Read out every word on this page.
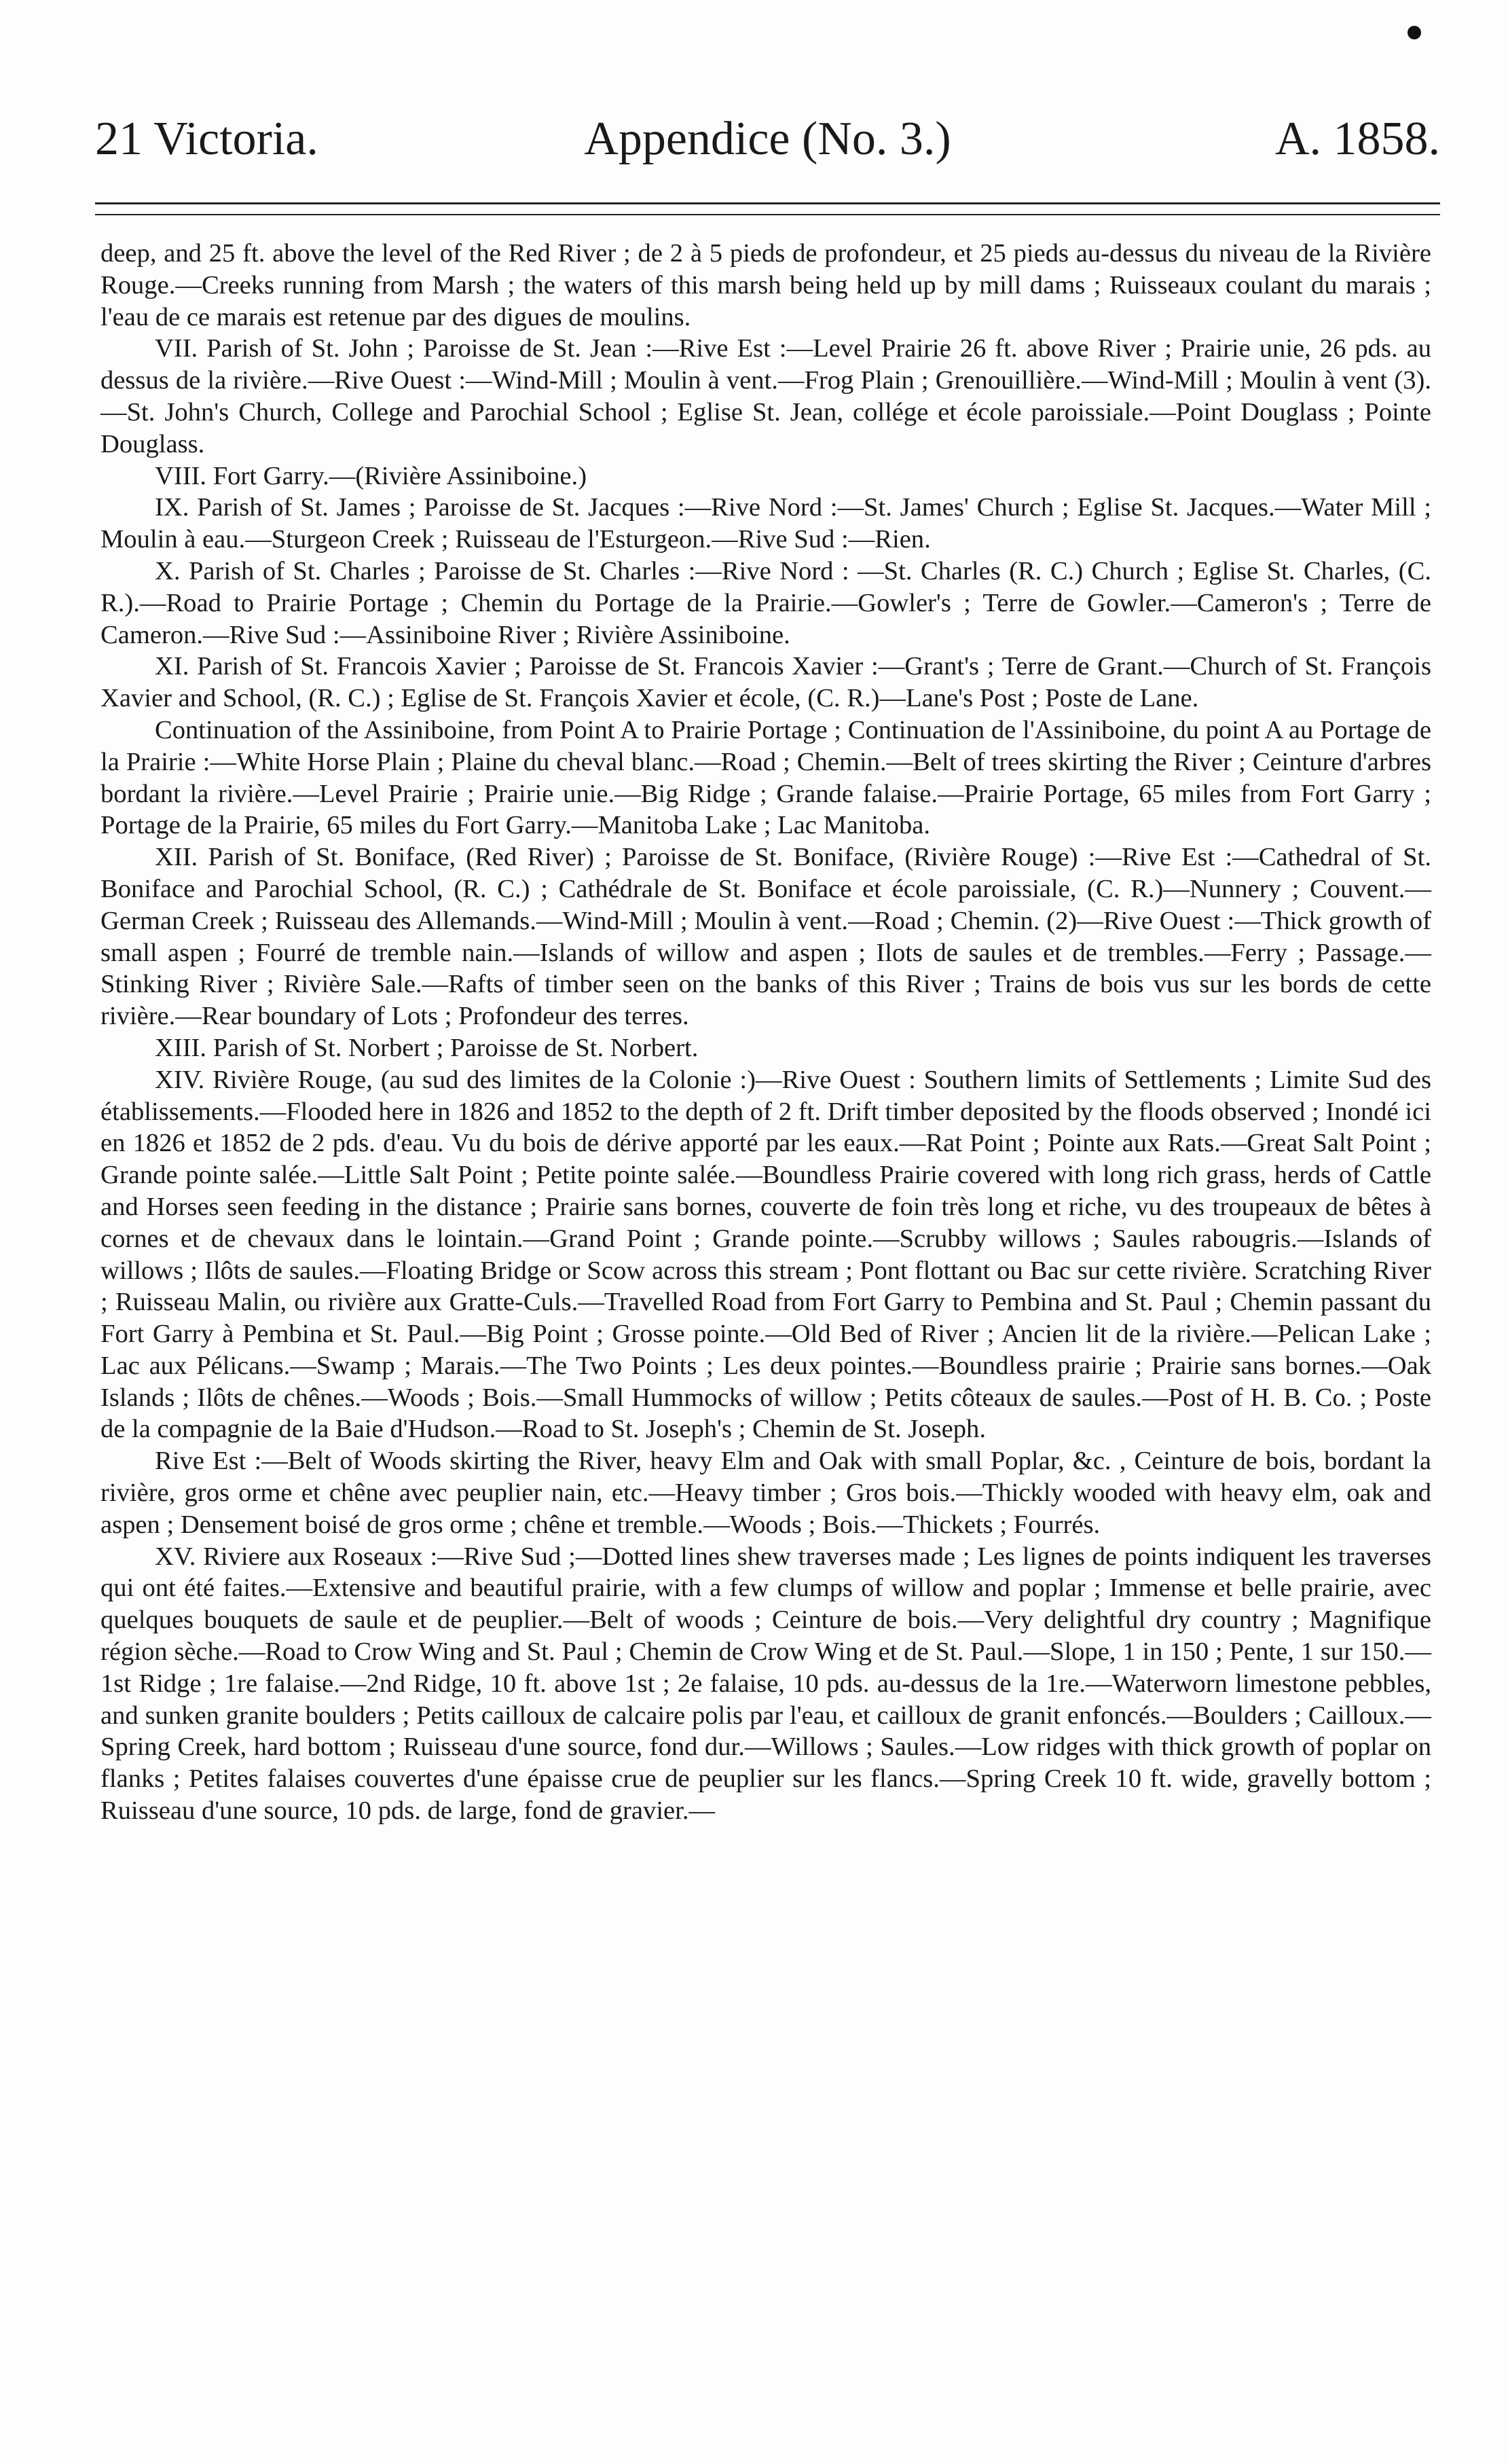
Appendice (No. 3.)
21 Victoria.	A. 1858.

deep, and 25 ft. above the level of the Red River ; de 2 à 5 pieds de profondeur, et 25 pieds au-dessus du niveau de la Rivière Rouge.—Creeks running from Marsh ; the waters of this marsh being held up by mill dams ; Ruisseaux coulant du marais ; l'eau de ce marais est retenue par des digues de moulins.

VII. Parish of St. John ; Paroisse de St. Jean :—Rive Est :—Level Prairie 26 ft. above River ; Prairie unie, 26 pds. au dessus de la rivière.—Rive Ouest :—Wind-Mill ; Moulin à vent.—Frog Plain ; Grenouillière.—Wind-Mill ; Moulin à vent (3).—St. John's Church, College and Parochial School ; Eglise St. Jean, collége et école paroissiale.—Point Douglass ; Pointe Douglass.

VIII. Fort Garry.—(Rivière Assiniboine.)

IX. Parish of St. James ; Paroisse de St. Jacques :—Rive Nord :—St. James' Church ; Eglise St. Jacques.—Water Mill ; Moulin à eau.—Sturgeon Creek ; Ruisseau de l'Esturgeon.—Rive Sud :—Rien.

X. Parish of St. Charles ; Paroisse de St. Charles :—Rive Nord : —St. Charles (R. C.) Church ; Eglise St. Charles, (C. R.).—Road to Prairie Portage ; Chemin du Portage de la Prairie.—Gowler's ; Terre de Gowler.—Cameron's ; Terre de Cameron.—Rive Sud :—Assiniboine River ; Rivière Assiniboine.

XI. Parish of St. Francois Xavier ; Paroisse de St. Francois Xavier :—Grant's ; Terre de Grant.—Church of St. François Xavier and School, (R. C.) ; Eglise de St. François Xavier et école, (C. R.)—Lane's Post ; Poste de Lane.

Continuation of the Assiniboine, from Point A to Prairie Portage ; Continuation de l'Assiniboine, du point A au Portage de la Prairie :—White Horse Plain ; Plaine du cheval blanc.—Road ; Chemin.—Belt of trees skirting the River ; Ceinture d'arbres bordant la rivière.—Level Prairie ; Prairie unie.—Big Ridge ; Grande falaise.—Prairie Portage, 65 miles from Fort Garry ; Portage de la Prairie, 65 miles du Fort Garry.—Manitoba Lake ; Lac Manitoba.

XII. Parish of St. Boniface, (Red River) ; Paroisse de St. Boniface, (Rivière Rouge) :—Rive Est :—Cathedral of St. Boniface and Parochial School, (R. C.) ; Cathédrale de St. Boniface et école paroissiale, (C. R.)—Nunnery ; Couvent.—German Creek ; Ruisseau des Allemands.—Wind-Mill ; Moulin à vent.—Road ; Chemin. (2)—Rive Ouest :—Thick growth of small aspen ; Fourré de tremble nain.—Islands of willow and aspen ; Ilots de saules et de trembles.—Ferry ; Passage.—Stinking River ; Rivière Sale.—Rafts of timber seen on the banks of this River ; Trains de bois vus sur les bords de cette rivière.—Rear boundary of Lots ; Profondeur des terres.

XIII. Parish of St. Norbert ; Paroisse de St. Norbert.

XIV. Rivière Rouge, (au sud des limites de la Colonie :)—Rive Ouest : Southern limits of Settlements ; Limite Sud des établissements.—Flooded here in 1826 and 1852 to the depth of 2 ft. Drift timber deposited by the floods observed ; Inondé ici en 1826 et 1852 de 2 pds. d'eau. Vu du bois de dérive apporté par les eaux.—Rat Point ; Pointe aux Rats.—Great Salt Point ; Grande pointe salée.—Little Salt Point ; Petite pointe salée.—Boundless Prairie covered with long rich grass, herds of Cattle and Horses seen feeding in the distance ; Prairie sans bornes, couverte de foin très long et riche, vu des troupeaux de bêtes à cornes et de chevaux dans le lointain.—Grand Point ; Grande pointe.—Scrubby willows ; Saules rabougris.—Islands of willows ; Ilôts de saules.—Floating Bridge or Scow across this stream ; Pont flottant ou Bac sur cette rivière. Scratching River ; Ruisseau Malin, ou rivière aux Gratte-Culs.—Travelled Road from Fort Garry to Pembina and St. Paul ; Chemin passant du Fort Garry à Pembina et St. Paul.—Big Point ; Grosse pointe.—Old Bed of River ; Ancien lit de la rivière.—Pelican Lake ; Lac aux Pélicans.—Swamp ; Marais.—The Two Points ; Les deux pointes.—Boundless prairie ; Prairie sans bornes.—Oak Islands ; Ilôts de chênes.—Woods ; Bois.—Small Hummocks of willow ; Petits côteaux de saules.—Post of H. B. Co. ; Poste de la compagnie de la Baie d'Hudson.—Road to St. Joseph's ; Chemin de St. Joseph.

Rive Est :—Belt of Woods skirting the River, heavy Elm and Oak with small Poplar, &c. , Ceinture de bois, bordant la rivière, gros orme et chêne avec peuplier nain, etc.—Heavy timber ; Gros bois.—Thickly wooded with heavy elm, oak and aspen ; Densement boisé de gros orme ; chêne et tremble.—Woods ; Bois.—Thickets ; Fourrés.

XV. Riviere aux Roseaux :—Rive Sud ;—Dotted lines shew traverses made ; Les lignes de points indiquent les traverses qui ont été faites.—Extensive and beautiful prairie, with a few clumps of willow and poplar ; Immense et belle prairie, avec quelques bouquets de saule et de peuplier.—Belt of woods ; Ceinture de bois.—Very delightful dry country ; Magnifique région sèche.—Road to Crow Wing and St. Paul ; Chemin de Crow Wing et de St. Paul.—Slope, 1 in 150 ; Pente, 1 sur 150.—1st Ridge ; 1re falaise.—2nd Ridge, 10 ft. above 1st ; 2e falaise, 10 pds. au-dessus de la 1re.—Waterworn limestone pebbles, and sunken granite boulders ; Petits cailloux de calcaire polis par l'eau, et cailloux de granit enfoncés.—Boulders ; Cailloux.—Spring Creek, hard bottom ; Ruisseau d'une source, fond dur.—Willows ; Saules.—Low ridges with thick growth of poplar on flanks ; Petites falaises couvertes d'une épaisse crue de peuplier sur les flancs.—Spring Creek 10 ft. wide, gravelly bottom ; Ruisseau d'une source, 10 pds. de large, fond de gravier.—
